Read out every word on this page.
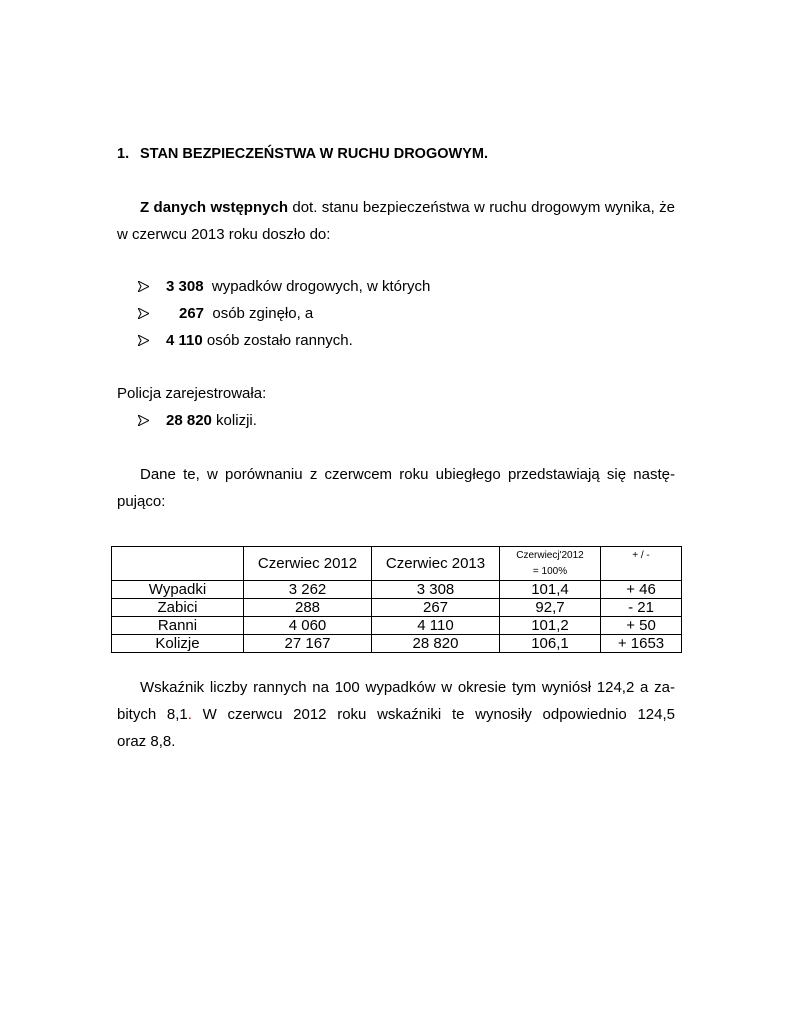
1. STAN BEZPIECZEŃSTWA W RUCHU DROGOWYM.

Z danych wstępnych dot. stanu bezpieczeństwa w ruchu drogowym wynika, że w czerwcu 2013 roku doszło do:

3 308  wypadków drogowych, w których
267  osób zginęło, a
4 110 osób zostało rannych.
Policja zarejestrowała:
28 820 kolizji.
Dane te, w porównaniu z czerwcem roku ubiegłego przedstawiają się nastę-
pująco:
	Czerwiec 2012	Czerwiec 2013	Czerwiecj'2012
= 100%	+ / -
Wypadki	3 262	3 308	101,4	+ 46
Zabici	288	267	92,7	- 21
Ranni	4 060	4 110	101,2	+ 50
Kolizje	27 167	28 820	106,1	+ 1653
Wskaźnik liczby rannych na 100 wypadków w okresie tym wyniósł 124,2 a za-
bitych 8,1. W czerwcu 2012 roku wskaźniki te wynosiły odpowiednio 124,5
oraz 8,8.
